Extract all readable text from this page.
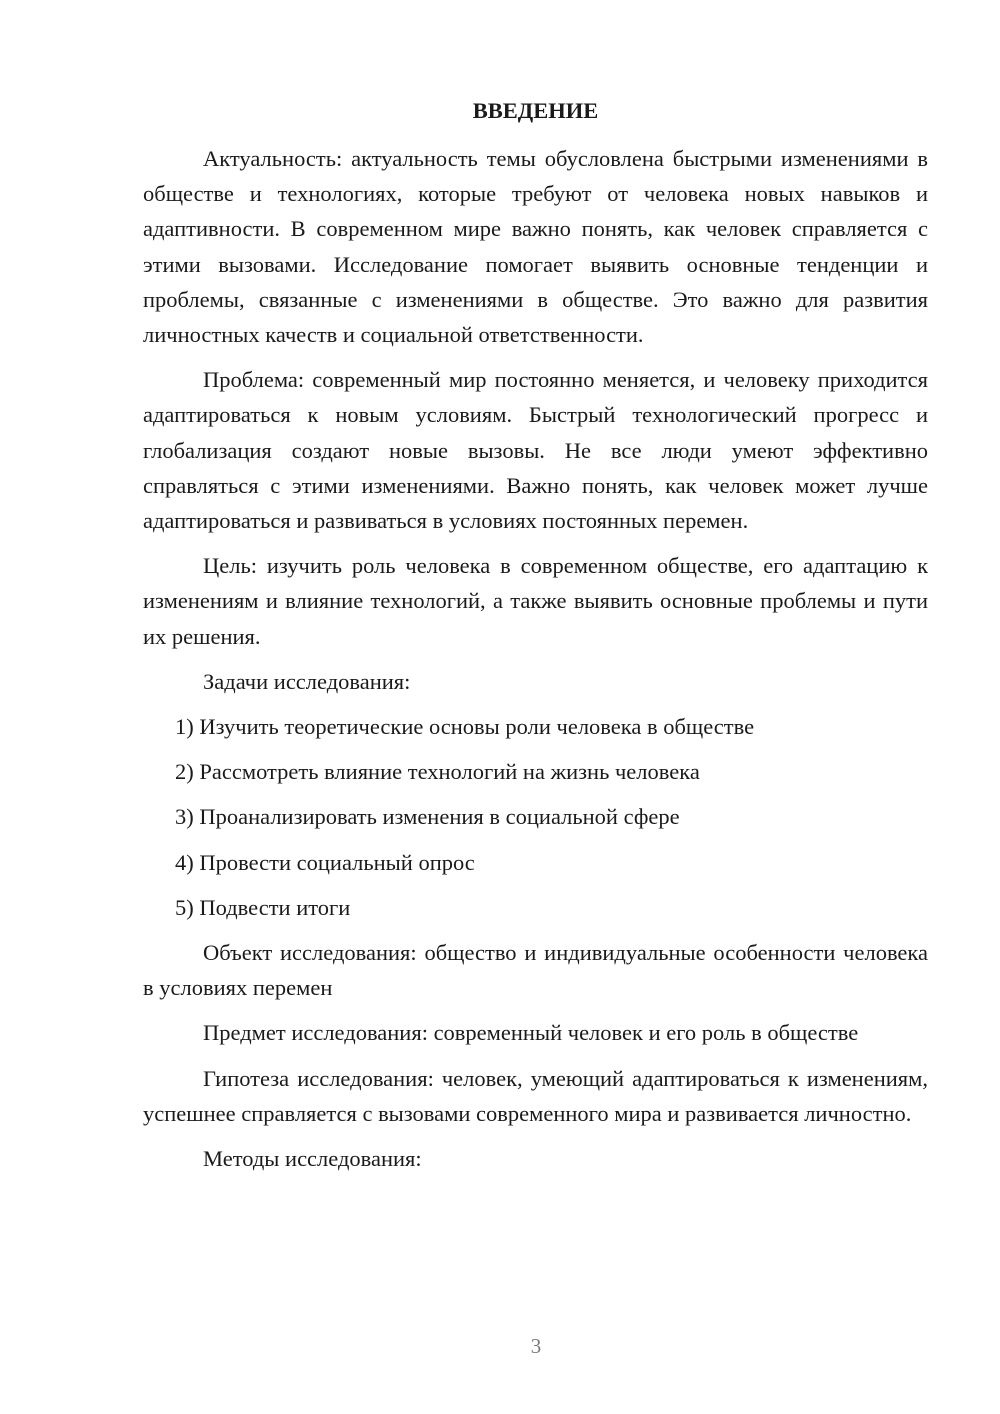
ВВЕДЕНИЕ

Актуальность: актуальность темы обусловлена быстрыми изменениями в обществе и технологиях, которые требуют от человека новых навыков и адаптивности. В современном мире важно понять, как человек справляется с этими вызовами. Исследование помогает выявить основные тенденции и проблемы, связанные с изменениями в обществе. Это важно для развития личностных качеств и социальной ответственности.

Проблема: современный мир постоянно меняется, и человеку приходится адаптироваться к новым условиям. Быстрый технологический прогресс и глобализация создают новые вызовы. Не все люди умеют эффективно справляться с этими изменениями. Важно понять, как человек может лучше адаптироваться и развиваться в условиях постоянных перемен.

Цель: изучить роль человека в современном обществе, его адаптацию к изменениям и влияние технологий, а также выявить основные проблемы и пути их решения.

Задачи исследования:

1) Изучить теоретические основы роли человека в обществе
2) Рассмотреть влияние технологий на жизнь человека
3) Проанализировать изменения в социальной сфере
4) Провести социальный опрос
5) Подвести итоги

Объект исследования: общество и индивидуальные особенности человека в условиях перемен

Предмет исследования: современный человек и его роль в обществе

Гипотеза исследования: человек, умеющий адаптироваться к изменениям, успешнее справляется с вызовами современного мира и развивается личностно.

Методы исследования:

3
